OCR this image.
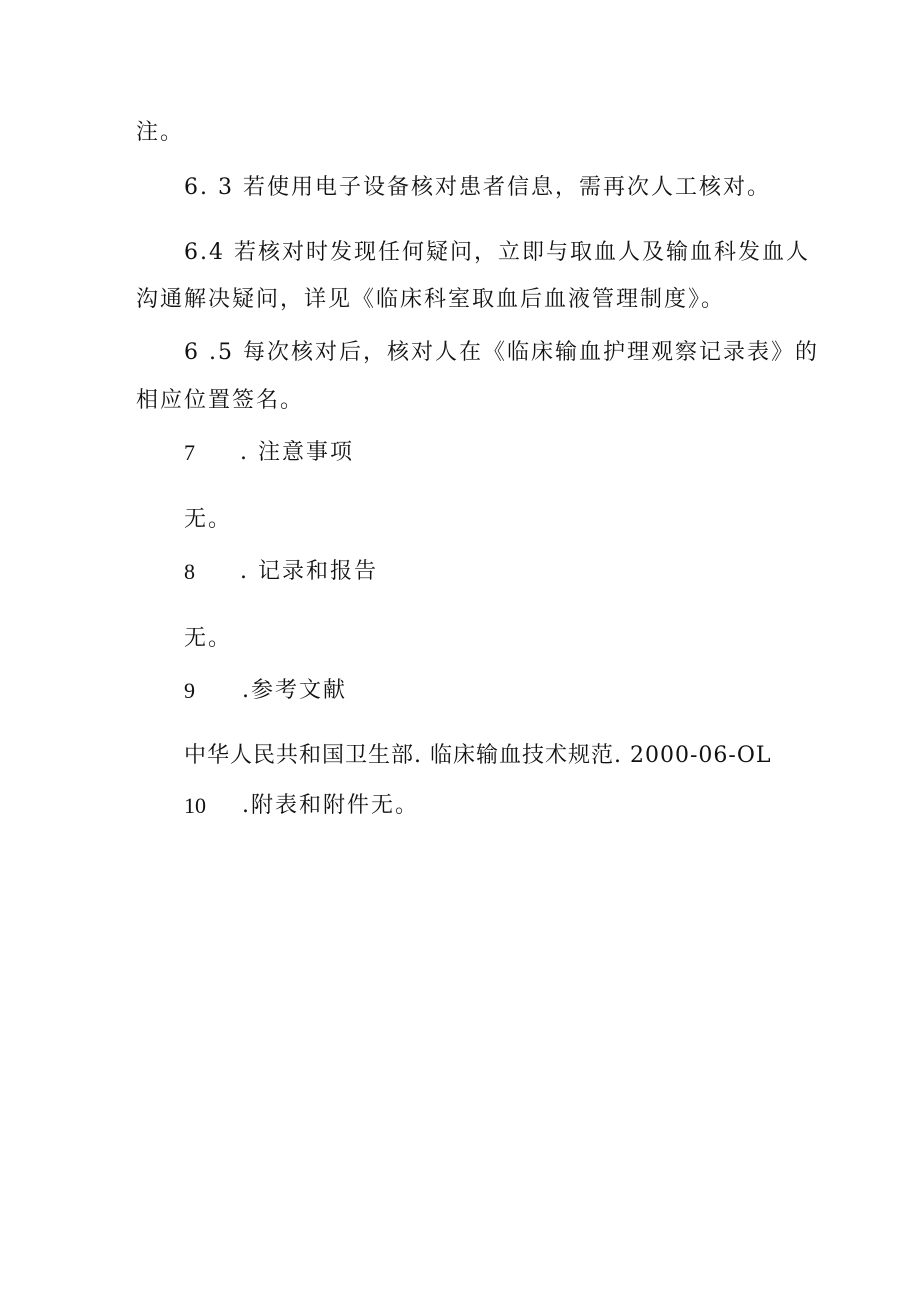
注。
6. 3 若使用电子设备核对患者信息，需再次人工核对。
6.4 若核对时发现任何疑问，立即与取血人及输血科发血人
沟通解决疑问，详见《临床科室取血后血液管理制度》。
6 .5 每次核对后，核对人在《临床输血护理观察记录表》的
相应位置签名。
7 . 注意事项
无。
8 . 记录和报告
无。
9 .参考文献
中华人民共和国卫生部. 临床输血技术规范. 2000-06-OL
10 .附表和附件无。
